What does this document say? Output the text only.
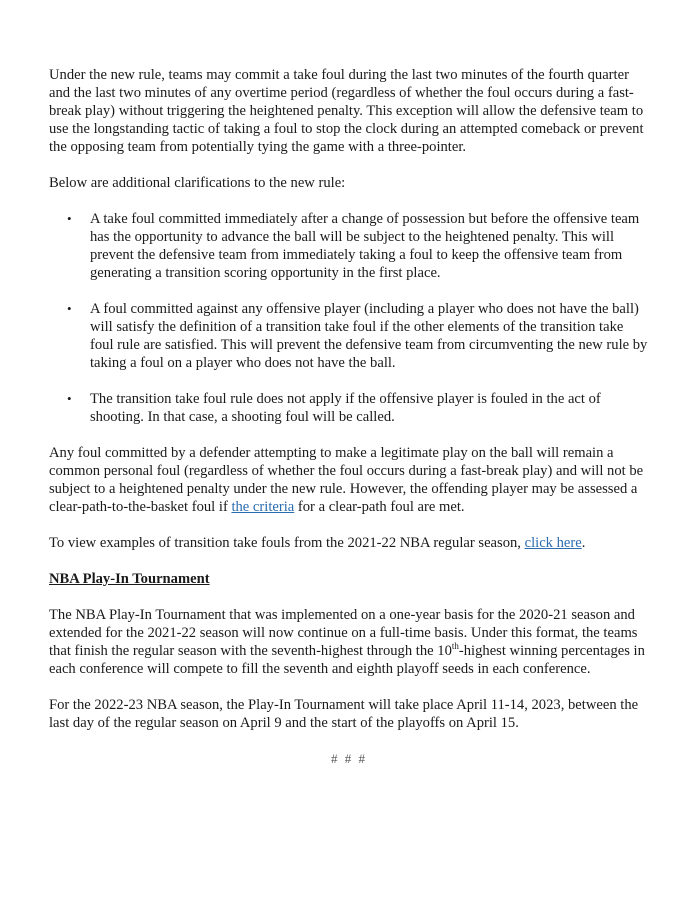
Under the new rule, teams may commit a take foul during the last two minutes of the fourth quarter and the last two minutes of any overtime period (regardless of whether the foul occurs during a fast-break play) without triggering the heightened penalty. This exception will allow the defensive team to use the longstanding tactic of taking a foul to stop the clock during an attempted comeback or prevent the opposing team from potentially tying the game with a three-pointer.

Below are additional clarifications to the new rule:

• A take foul committed immediately after a change of possession but before the offensive team has the opportunity to advance the ball will be subject to the heightened penalty. This will prevent the defensive team from immediately taking a foul to keep the offensive team from generating a transition scoring opportunity in the first place.
• A foul committed against any offensive player (including a player who does not have the ball) will satisfy the definition of a transition take foul if the other elements of the transition take foul rule are satisfied. This will prevent the defensive team from circumventing the new rule by taking a foul on a player who does not have the ball.
• The transition take foul rule does not apply if the offensive player is fouled in the act of shooting. In that case, a shooting foul will be called.

Any foul committed by a defender attempting to make a legitimate play on the ball will remain a common personal foul (regardless of whether the foul occurs during a fast-break play) and will not be subject to a heightened penalty under the new rule. However, the offending player may be assessed a clear-path-to-the-basket foul if the criteria for a clear-path foul are met.

To view examples of transition take fouls from the 2021-22 NBA regular season, click here.

NBA Play-In Tournament

The NBA Play-In Tournament that was implemented on a one-year basis for the 2020-21 season and extended for the 2021-22 season will now continue on a full-time basis. Under this format, the teams that finish the regular season with the seventh-highest through the 10th-highest winning percentages in each conference will compete to fill the seventh and eighth playoff seeds in each conference.

For the 2022-23 NBA season, the Play-In Tournament will take place April 11-14, 2023, between the last day of the regular season on April 9 and the start of the playoffs on April 15.

# # #
